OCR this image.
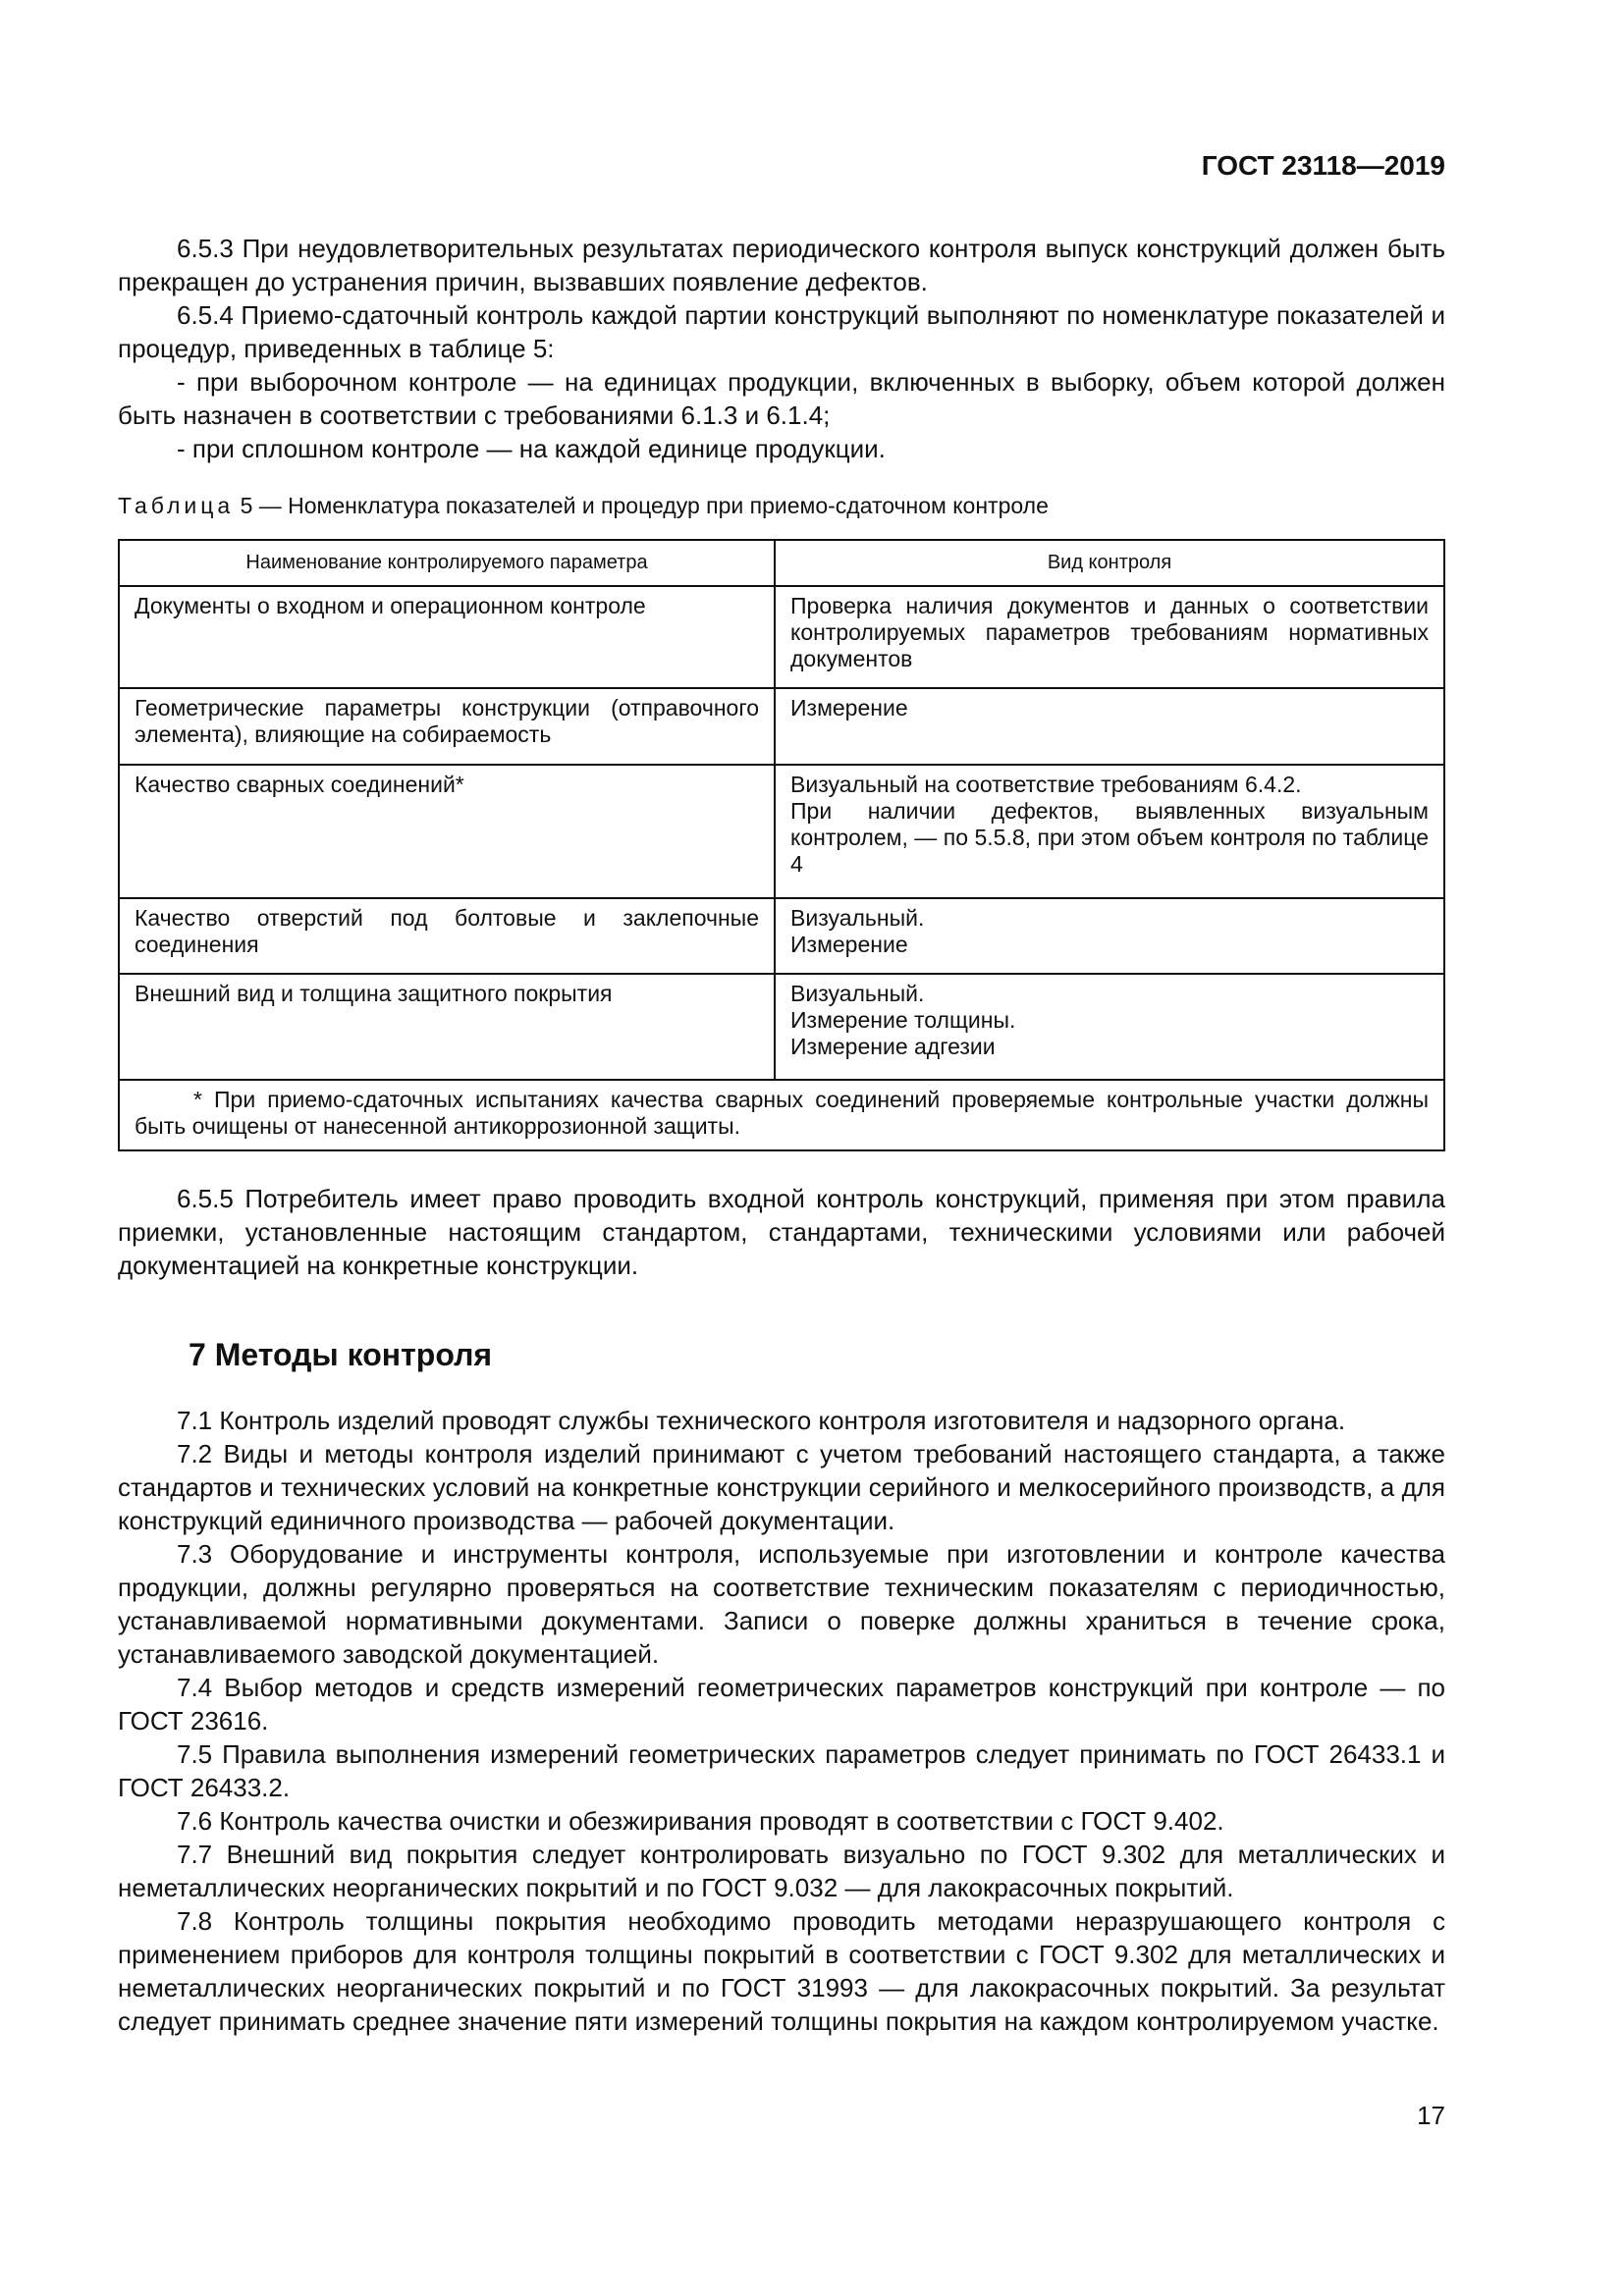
ГОСТ 23118—2019

6.5.3 При неудовлетворительных результатах периодического контроля выпуск конструкций должен быть прекращен до устранения причин, вызвавших появление дефектов.

6.5.4 Приемо-сдаточный контроль каждой партии конструкций выполняют по номенклатуре показателей и процедур, приведенных в таблице 5:

- при выборочном контроле — на единицах продукции, включенных в выборку, объем которой должен быть назначен в соответствии с требованиями 6.1.3 и 6.1.4;

- при сплошном контроле — на каждой единице продукции.

Таблица 5 — Номенклатура показателей и процедур при приемо-сдаточном контроле
Наименование контролируемого параметра	Вид контроля
Документы о входном и операционном контроле	Проверка наличия документов и данных о соответствии контролируемых параметров требованиям нормативных документов

Геометрические параметры конструкции (отправочного элемента), влияющие на собираемость	Измерение

Качество сварных соединений*	Визуальный на соответствие требованиям 6.4.2.
При наличии дефектов, выявленных визуальным контролем, — по 5.5.8, при этом объем контроля по таблице 4

Качество отверстий под болтовые и заклепочные соединения	Визуальный.
Измерение

Внешний вид и толщина защитного покрытия	Визуальный.
Измерение толщины.
Измерение адгезии

* При приемо-сдаточных испытаниях качества сварных соединений проверяемые контрольные участки должны быть очищены от нанесенной антикоррозионной защиты.	

6.5.5 Потребитель имеет право проводить входной контроль конструкций, применяя при этом правила приемки, установленные настоящим стандартом, стандартами, техническими условиями или рабочей документацией на конкретные конструкции.

7 Методы контроля

7.1 Контроль изделий проводят службы технического контроля изготовителя и надзорного органа.

7.2 Виды и методы контроля изделий принимают с учетом требований настоящего стандарта, а также стандартов и технических условий на конкретные конструкции серийного и мелкосерийного производств, а для конструкций единичного производства — рабочей документации.

7.3 Оборудование и инструменты контроля, используемые при изготовлении и контроле качества продукции, должны регулярно проверяться на соответствие техническим показателям с периодичностью, устанавливаемой нормативными документами. Записи о поверке должны храниться в течение срока, устанавливаемого заводской документацией.

7.4 Выбор методов и средств измерений геометрических параметров конструкций при контроле — по ГОСТ 23616.

7.5 Правила выполнения измерений геометрических параметров следует принимать по ГОСТ 26433.1 и ГОСТ 26433.2.

7.6 Контроль качества очистки и обезжиривания проводят в соответствии с ГОСТ 9.402.

7.7 Внешний вид покрытия следует контролировать визуально по ГОСТ 9.302 для металлических и неметаллических неорганических покрытий и по ГОСТ 9.032 — для лакокрасочных покрытий.

7.8 Контроль толщины покрытия необходимо проводить методами неразрушающего контроля с применением приборов для контроля толщины покрытий в соответствии с ГОСТ 9.302 для металлических и неметаллических неорганических покрытий и по ГОСТ 31993 — для лакокрасочных покрытий. За результат следует принимать среднее значение пяти измерений толщины покрытия на каждом контролируемом участке.

17
